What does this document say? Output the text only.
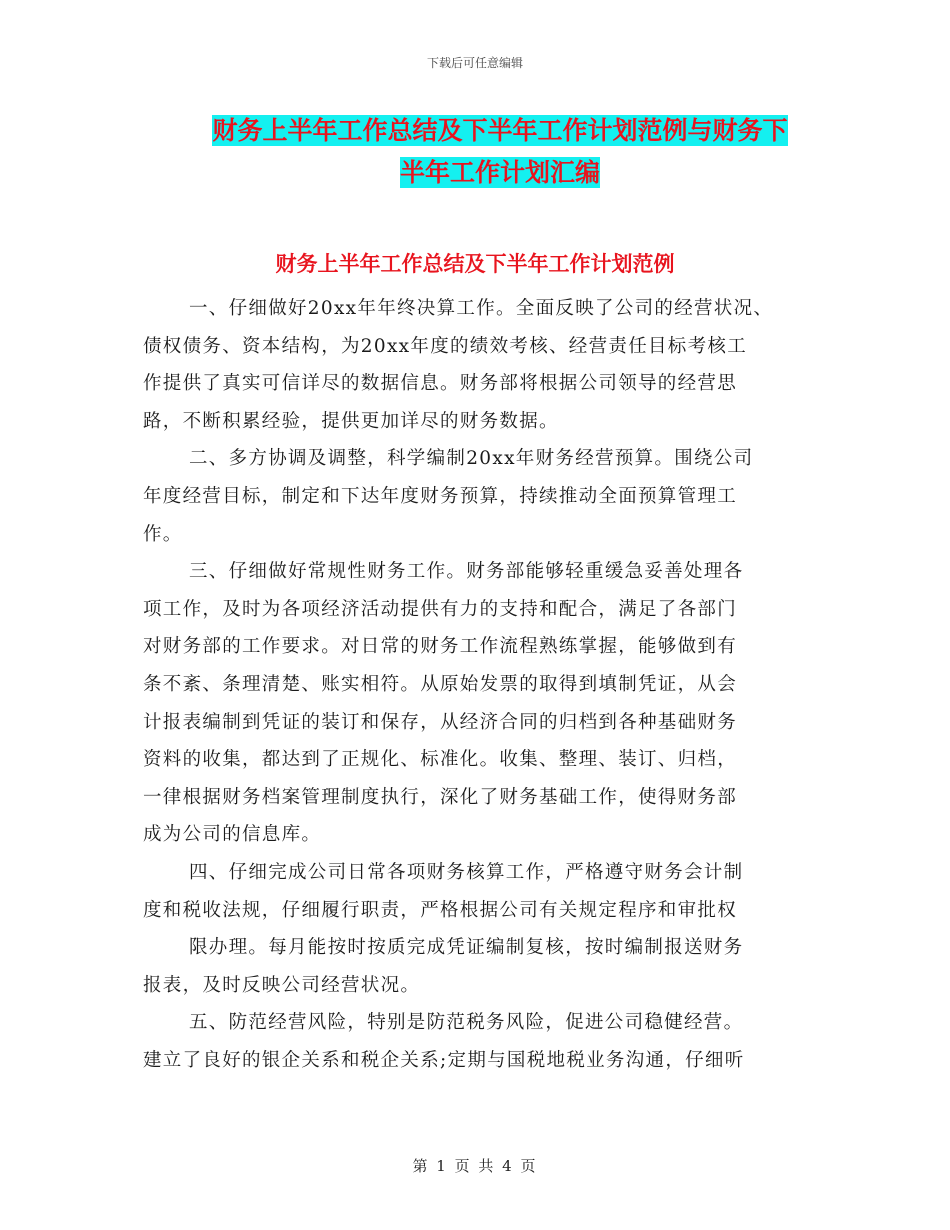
下载后可任意编辑
财务上半年工作总结及下半年工作计划范例与财务下
半年工作计划汇编
财务上半年工作总结及下半年工作计划范例
一、仔细做好20xx年年终决算工作。全面反映了公司的经营状况、
债权债务、资本结构，为20xx年度的绩效考核、经营责任目标考核工
作提供了真实可信详尽的数据信息。财务部将根据公司领导的经营思
路，不断积累经验，提供更加详尽的财务数据。
二、多方协调及调整，科学编制20xx年财务经营预算。围绕公司
年度经营目标，制定和下达年度财务预算，持续推动全面预算管理工
作。
三、仔细做好常规性财务工作。财务部能够轻重缓急妥善处理各
项工作，及时为各项经济活动提供有力的支持和配合，满足了各部门
对财务部的工作要求。对日常的财务工作流程熟练掌握，能够做到有
条不紊、条理清楚、账实相符。从原始发票的取得到填制凭证，从会
计报表编制到凭证的装订和保存，从经济合同的归档到各种基础财务
资料的收集，都达到了正规化、标准化。收集、整理、装订、归档，
一律根据财务档案管理制度执行，深化了财务基础工作，使得财务部
成为公司的信息库。
四、仔细完成公司日常各项财务核算工作，严格遵守财务会计制
度和税收法规，仔细履行职责，严格根据公司有关规定程序和审批权
限办理。每月能按时按质完成凭证编制复核，按时编制报送财务
报表，及时反映公司经营状况。
五、防范经营风险，特别是防范税务风险，促进公司稳健经营。
建立了良好的银企关系和税企关系;定期与国税地税业务沟通，仔细听
第 1 页 共 4 页
